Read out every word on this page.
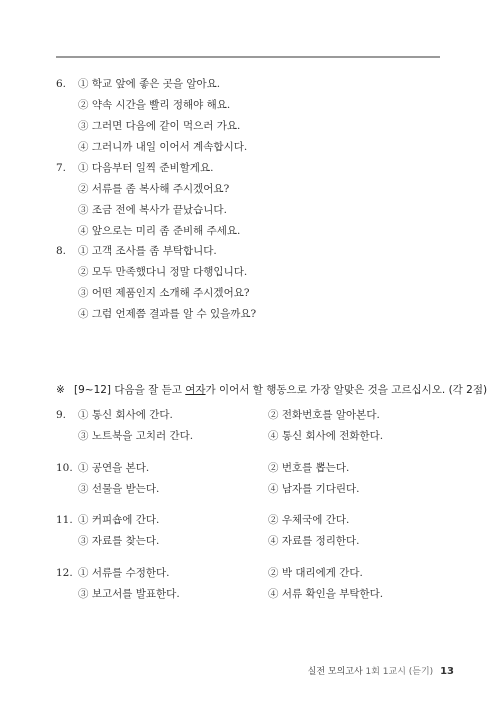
6.	① 학교 앞에 좋은 곳을 알아요.
② 약속 시간을 빨리 정해야 해요.
③ 그러면 다음에 같이 먹으러 가요.
④ 그러니까 내일 이어서 계속합시다.
7.	① 다음부터 일찍 준비할게요.
② 서류를 좀 복사해 주시겠어요?
③ 조금 전에 복사가 끝났습니다.
④ 앞으로는 미리 좀 준비해 주세요.
8.	① 고객 조사를 좀 부탁합니다.
② 모두 만족했다니 정말 다행입니다.
③ 어떤 제품인지 소개해 주시겠어요?
④ 그럼 언제쯤 결과를 알 수 있을까요?
※ [9~12] 다음을 잘 듣고 여자가 이어서 할 행동으로 가장 알맞은 것을 고르십시오. (각 2점)
9.	① 통신 회사에 간다.	② 전화번호를 알아본다.
③ 노트북을 고치러 간다.	④ 통신 회사에 전화한다.
10. ① 공연을 본다.	② 번호를 뽑는다.
③ 선물을 받는다.	④ 남자를 기다린다.
11. ① 커피숍에 간다.	② 우체국에 간다.
③ 자료를 찾는다.	④ 자료를 정리한다.
12. ① 서류를 수정한다.	② 박 대리에게 간다.
③ 보고서를 발표한다.	④ 서류 확인을 부탁한다.
실전 모의고사 1회 1교시 (듣기) 13
